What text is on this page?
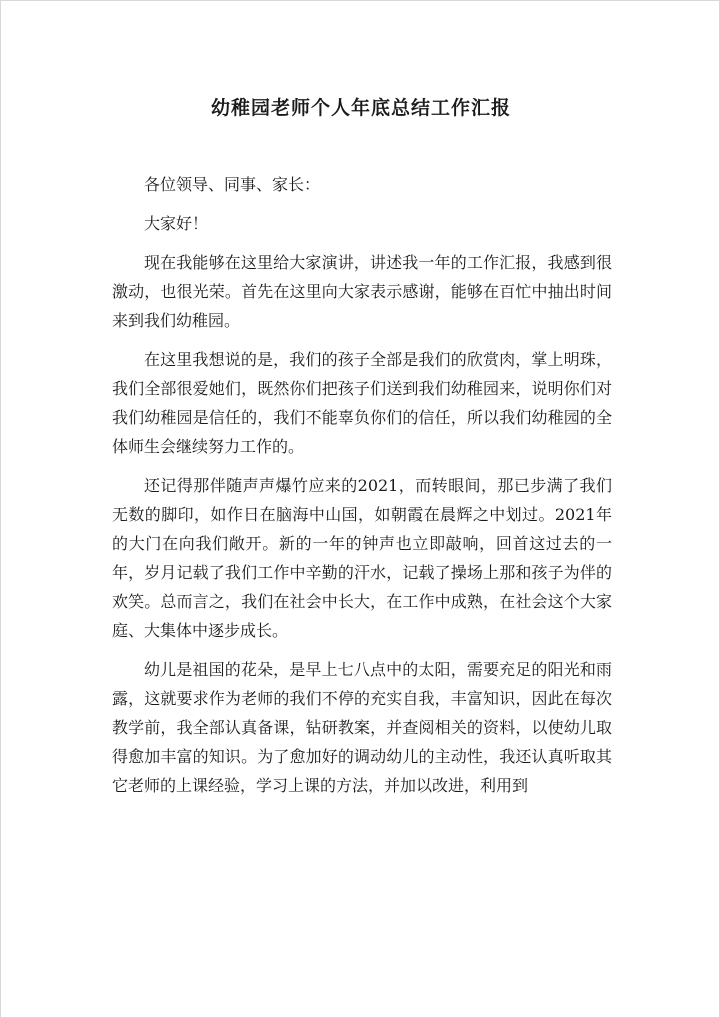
幼稚园老师个人年底总结工作汇报

各位领导、同事、家长：

大家好！

现在我能够在这里给大家演讲，讲述我一年的工作汇报，我感到很激动，也很光荣。首先在这里向大家表示感谢，能够在百忙中抽出时间来到我们幼稚园。

在这里我想说的是，我们的孩子全部是我们的欣赏肉，掌上明珠，我们全部很爱她们，既然你们把孩子们送到我们幼稚园来，说明你们对我们幼稚园是信任的，我们不能辜负你们的信任，所以我们幼稚园的全体师生会继续努力工作的。

还记得那伴随声声爆竹应来的2021，而转眼间，那已步满了我们无数的脚印，如作日在脑海中山国，如朝霞在晨辉之中划过。2021年的大门在向我们敞开。新的一年的钟声也立即敲响，回首这过去的一年，岁月记载了我们工作中辛勤的汗水，记载了操场上那和孩子为伴的欢笑。总而言之，我们在社会中长大，在工作中成熟，在社会这个大家庭、大集体中逐步成长。

幼儿是祖国的花朵，是早上七八点中的太阳，需要充足的阳光和雨露，这就要求作为老师的我们不停的充实自我，丰富知识，因此在每次教学前，我全部认真备课，钻研教案，并查阅相关的资料，以使幼儿取得愈加丰富的知识。为了愈加好的调动幼儿的主动性，我还认真听取其它老师的上课经验，学习上课的方法，并加以改进，利用到
